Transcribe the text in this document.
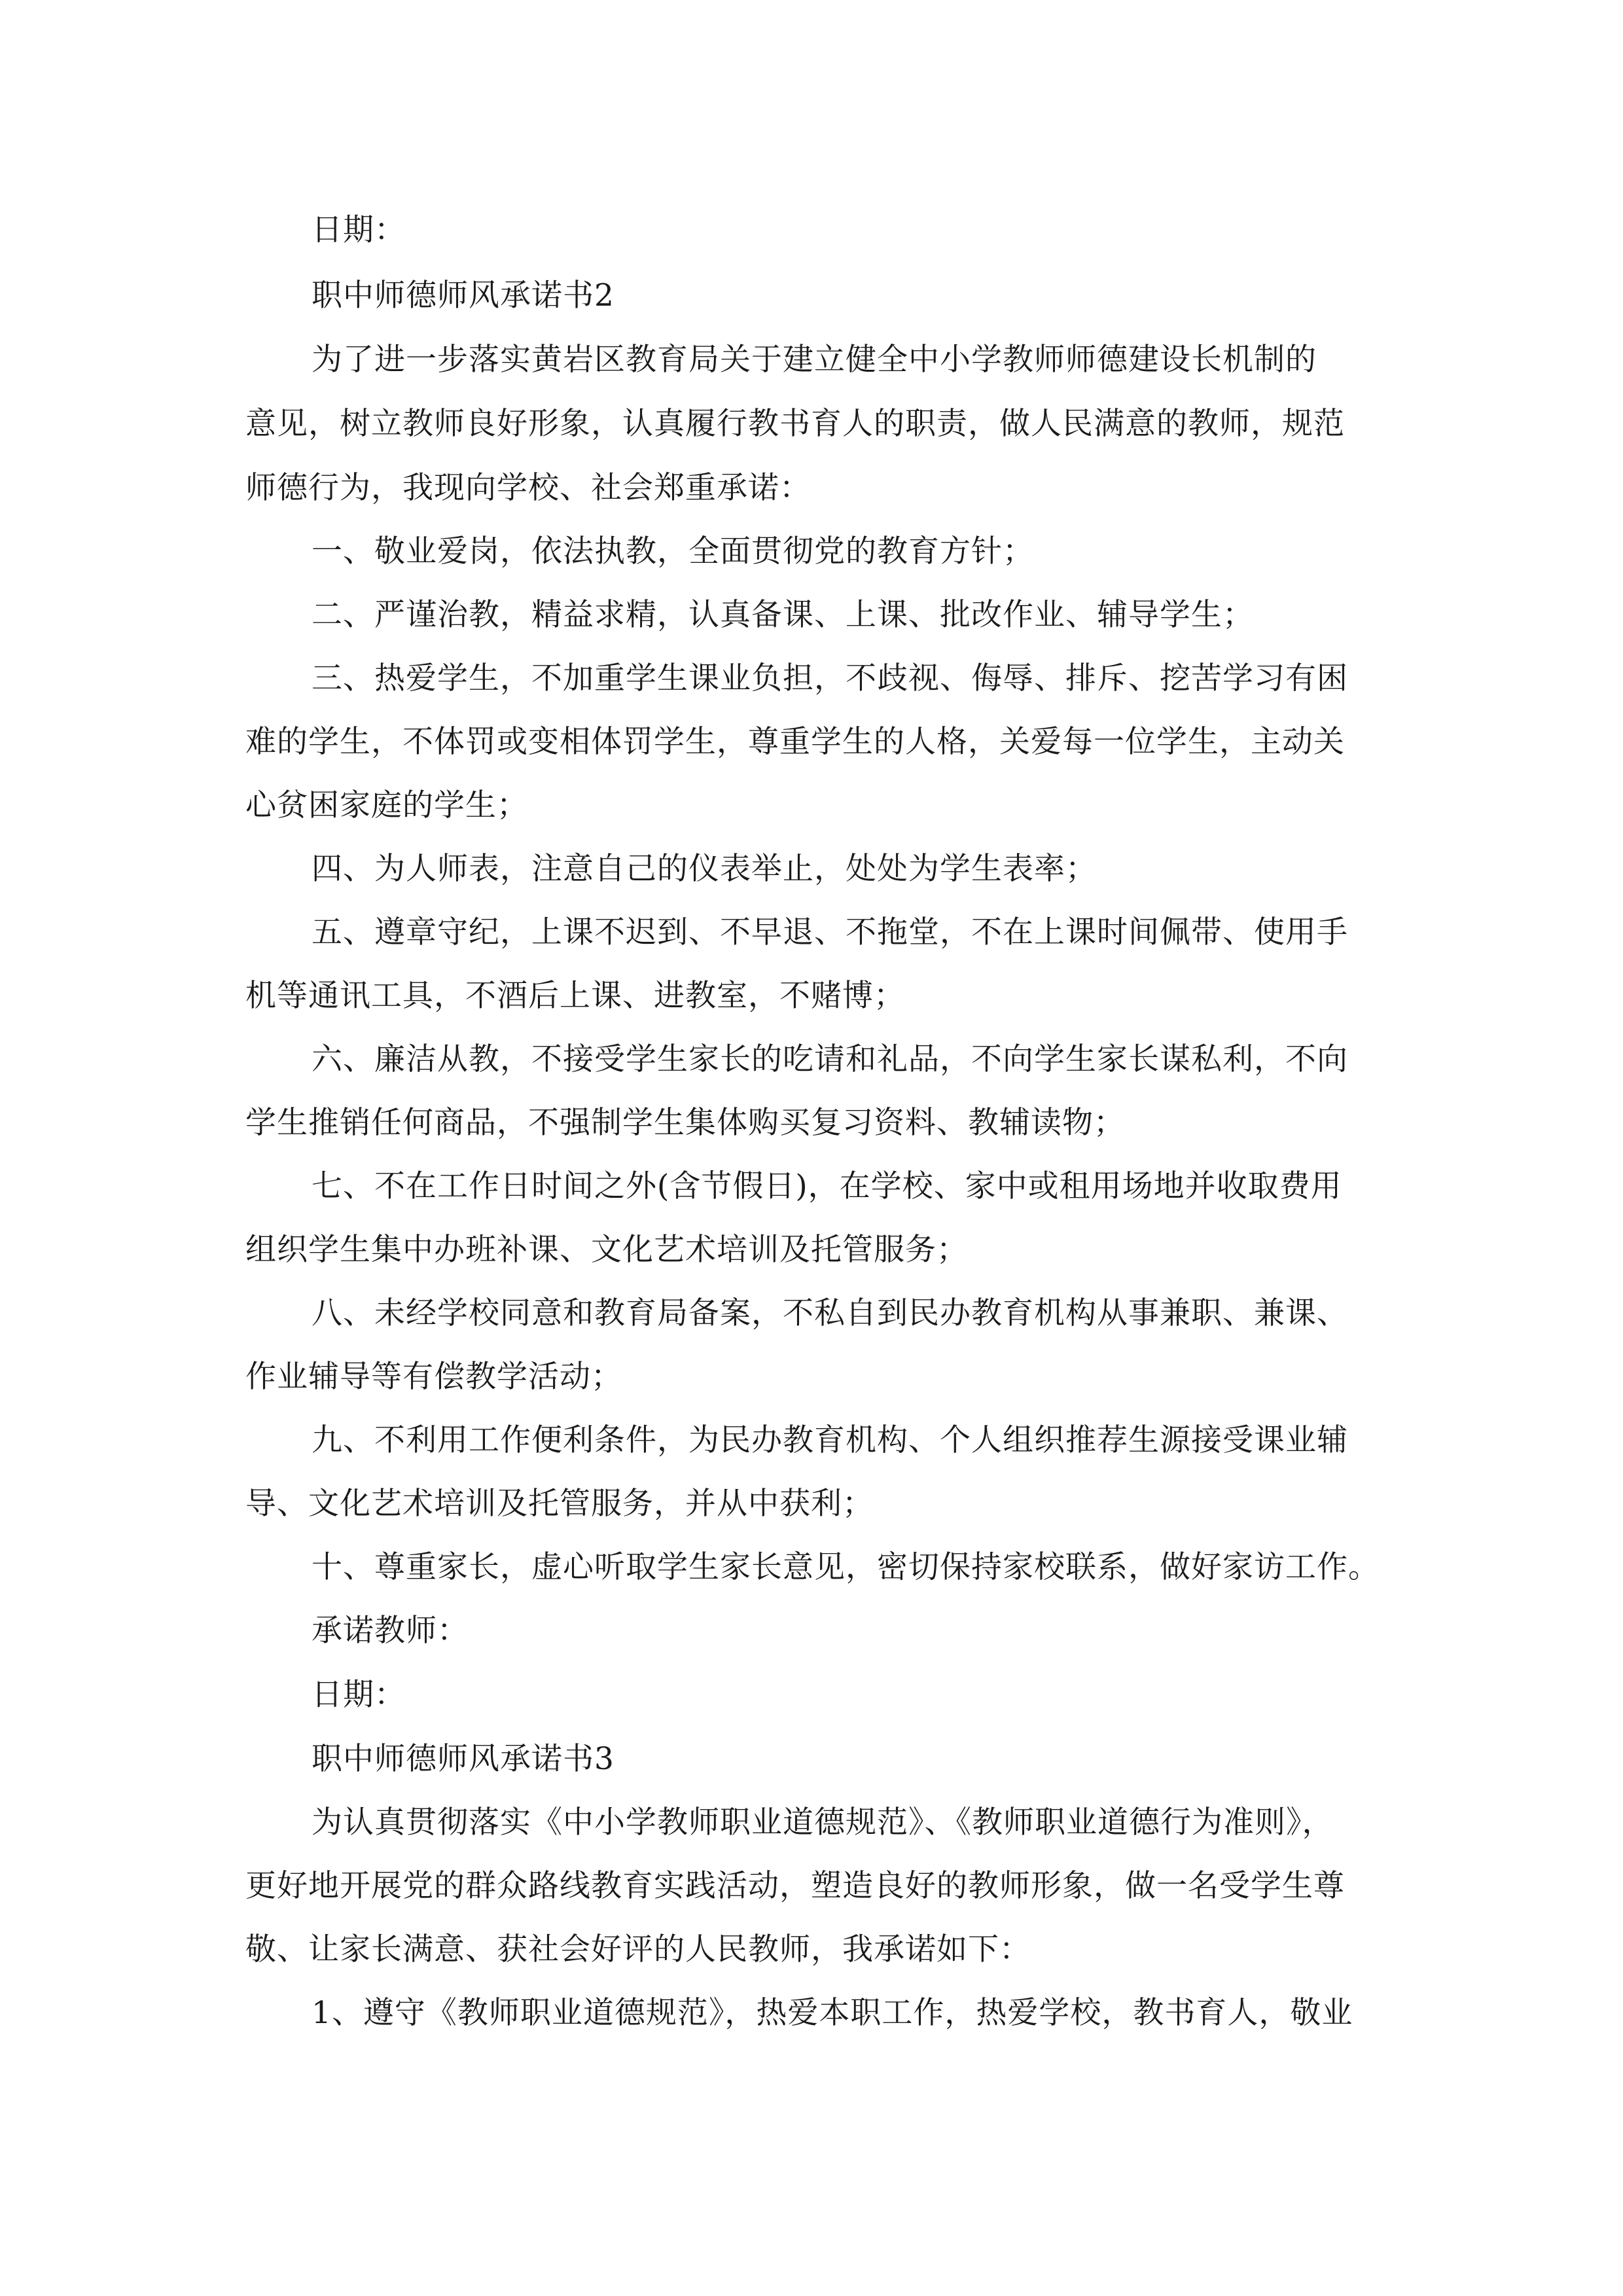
日期：
职中师德师风承诺书2
为了进一步落实黄岩区教育局关于建立健全中小学教师师德建设长机制的
意见，树立教师良好形象，认真履行教书育人的职责，做人民满意的教师，规范
师德行为，我现向学校、社会郑重承诺：
一、敬业爱岗，依法执教，全面贯彻党的教育方针；
二、严谨治教，精益求精，认真备课、上课、批改作业、辅导学生；
三、热爱学生，不加重学生课业负担，不歧视、侮辱、排斥、挖苦学习有困
难的学生，不体罚或变相体罚学生，尊重学生的人格，关爱每一位学生，主动关
心贫困家庭的学生；
四、为人师表，注意自己的仪表举止，处处为学生表率；
五、遵章守纪，上课不迟到、不早退、不拖堂，不在上课时间佩带、使用手
机等通讯工具，不酒后上课、进教室，不赌博；
六、廉洁从教，不接受学生家长的吃请和礼品，不向学生家长谋私利，不向
学生推销任何商品，不强制学生集体购买复习资料、教辅读物；
七、不在工作日时间之外(含节假日)，在学校、家中或租用场地并收取费用
组织学生集中办班补课、文化艺术培训及托管服务；
八、未经学校同意和教育局备案，不私自到民办教育机构从事兼职、兼课、
作业辅导等有偿教学活动；
九、不利用工作便利条件，为民办教育机构、个人组织推荐生源接受课业辅
导、文化艺术培训及托管服务，并从中获利；
十、尊重家长，虚心听取学生家长意见，密切保持家校联系，做好家访工作。
承诺教师：
日期：
职中师德师风承诺书3
为认真贯彻落实《中小学教师职业道德规范》、《教师职业道德行为准则》，
更好地开展党的群众路线教育实践活动，塑造良好的教师形象，做一名受学生尊
敬、让家长满意、获社会好评的人民教师，我承诺如下：
1、遵守《教师职业道德规范》，热爱本职工作，热爱学校，教书育人，敬业
